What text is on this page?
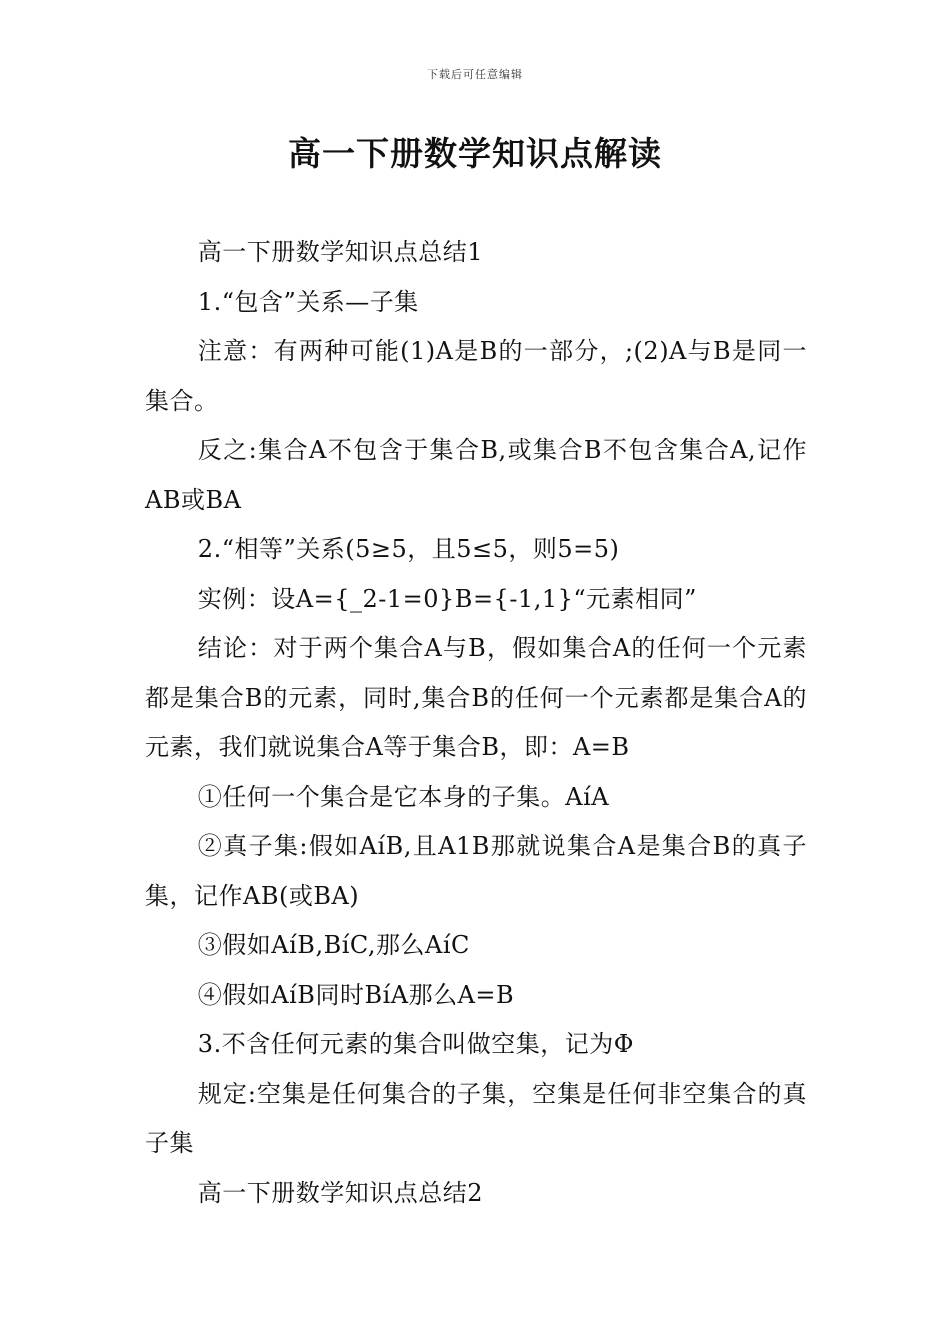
下载后可任意编辑
高一下册数学知识点解读

高一下册数学知识点总结1

1.“包含”关系—子集

注意：有两种可能(1)A是B的一部分，;(2)A与B是同一集合。

反之:集合A不包含于集合B,或集合B不包含集合A,记作AB或BA

2.“相等”关系(5≥5，且5≤5，则5=5)

实例：设A={_2-1=0}B={-1,1}“元素相同”

结论：对于两个集合A与B，假如集合A的任何一个元素都是集合B的元素，同时,集合B的任何一个元素都是集合A的元素，我们就说集合A等于集合B，即：A=B

①任何一个集合是它本身的子集。AíA

②真子集:假如AíB,且A1B那就说集合A是集合B的真子集，记作AB(或BA)

③假如AíB,BíC,那么AíC

④假如AíB同时BíA那么A=B

3.不含任何元素的集合叫做空集，记为Φ

规定:空集是任何集合的子集，空集是任何非空集合的真子集

高一下册数学知识点总结2
